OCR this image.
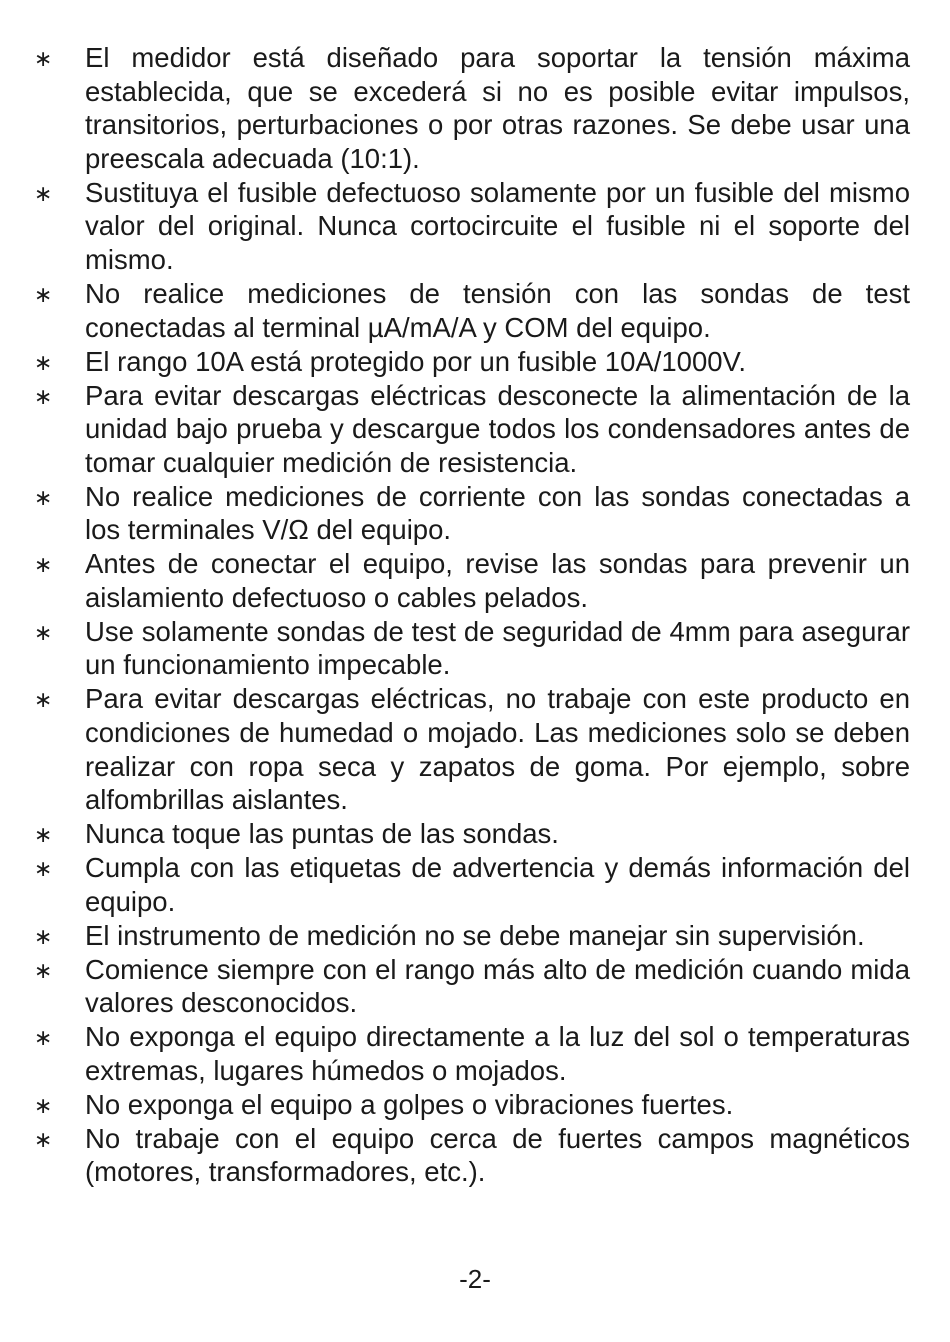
∗ El medidor está diseñado para soportar la tensión máxima establecida, que se excederá si no es posible evitar impulsos, transitorios, perturbaciones o por otras razones. Se debe usar una preescala adecuada (10:1).
∗ Sustituya el fusible defectuoso solamente por un fusible del mismo valor del original. Nunca cortocircuite el fusible ni el soporte del mismo.
∗ No realice mediciones de tensión con las sondas de test conectadas al terminal µA/mA/A y COM del equipo.
∗ El rango 10A está protegido por un fusible 10A/1000V.
∗ Para evitar descargas eléctricas desconecte la alimentación de la unidad bajo prueba y descargue todos los condensadores antes de tomar cualquier medición de resistencia.
∗ No realice mediciones de corriente con las sondas conectadas a los terminales V/Ω del equipo.
∗ Antes de conectar el equipo, revise las sondas para prevenir un aislamiento defectuoso o cables pelados.
∗ Use solamente sondas de test de seguridad de 4mm para asegurar un funcionamiento impecable.
∗ Para evitar descargas eléctricas, no trabaje con este producto en condiciones de humedad o mojado. Las mediciones solo se deben realizar con ropa seca y zapatos de goma. Por ejemplo, sobre alfombrillas aislantes.
∗ Nunca toque las puntas de las sondas.
∗ Cumpla con las etiquetas de advertencia y demás información del equipo.
∗ El instrumento de medición no se debe manejar sin supervisión.
∗ Comience siempre con el rango más alto de medición cuando mida valores desconocidos.
∗ No exponga el equipo directamente a la luz del sol o temperaturas extremas, lugares húmedos o mojados.
∗ No exponga el equipo a golpes o vibraciones fuertes.
∗ No trabaje con el equipo cerca de fuertes campos magnéticos (motores, transformadores, etc.).
-2-
